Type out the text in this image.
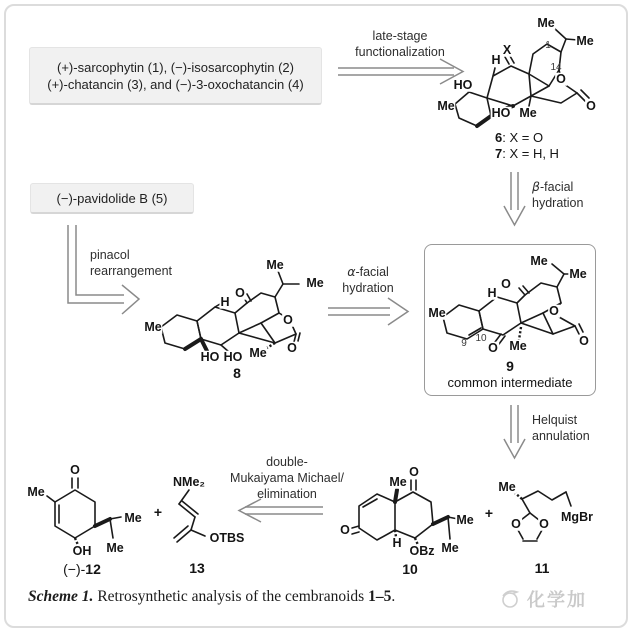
(+)-sarcophytin (1), (−)-isosarcophytin (2)
(+)-chatancin (3), and (−)-3-oxochatancin (4)
late-stage
functionalization
Me
Me
1
X
H
14
O
HO
Me	HO Me	O
6: X = O
7: X = H, H
β-facial
hydration
(−)-pavidolide B (5)
pinacol
rearrangement	Me
Me
O
H
Me
HO HO Me
O
O
8
α-facial
hydration
Me
Me
O
H
Me
9 10
O Me
O
O
9
common intermediate
Helquist
annulation
O
Me
OH
Me
Me
(−)-12
+
NMe₂
OTBS
13
double-
Mukaiyama Michael/
elimination
Me
O
O
H
OBz
Me
Me
10
+
Me
MgBr
O O
11
Scheme 1. Retrosynthetic analysis of the cembranoids 1–5.	化学加
